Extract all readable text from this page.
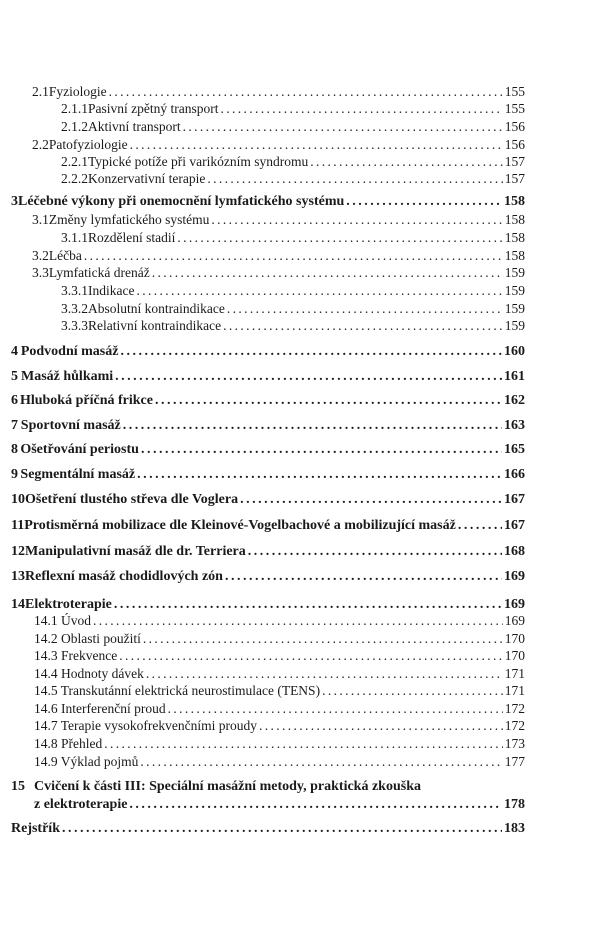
2.1 Fyziologie . . .	155
2.1.1 Pasivní zpětný transport . . .	155
2.1.2 Aktivní transport . . .	156
2.2 Patofyziologie . . .	156
2.2.1 Typické potíže při varikózním syndromu . . .	157
2.2.2 Konzervativní terapie . . .	157
3 Léčebné výkony při onemocnění lymfatického systému . . .	158
3.1 Změny lymfatického systému . . .	158
3.1.1 Rozdělení stadií . . .	158
3.2 Léčba . . .	158
3.3 Lymfatická drenáž . . .	159
3.3.1 Indikace . . .	159
3.3.2 Absolutní kontraindikace . . .	159
3.3.3 Relativní kontraindikace . . .	159
4 Podvodní masáž . . .	160
5 Masáž hůlkami . . .	161
6 Hluboká příčná frikce . . .	162
7 Sportovní masáž . . .	163
8 Ošetřování periostu . . .	165
9 Segmentální masáž . . .	166
10 Ošetření tlustého střeva dle Voglera . . .	167
11 Protisměrná mobilizace dle Kleinové-Vogelbachové a mobilizující masáž . . .	167
12 Manipulativní masáž dle dr. Terriera . . .	168
13 Reflexní masáž chodidlových zón . . .	169
14 Elektroterapie . . .	169
14.1 Úvod . . .	169
14.2 Oblasti použití . . .	170
14.3 Frekvence . . .	170
14.4 Hodnoty dávek . . .	171
14.5 Transkutánní elektrická neurostimulace (TENS) . . .	171
14.6 Interferenční proud . . .	172
14.7 Terapie vysokofrekvenčními proudy . . .	172
14.8 Přehled . . .	173
14.9 Výklad pojmů . . .	177
15 Cvičení k části III: Speciální masážní metody, praktická zkouška
z elektroterapie . . .	178
Rejstřík . . .	183
